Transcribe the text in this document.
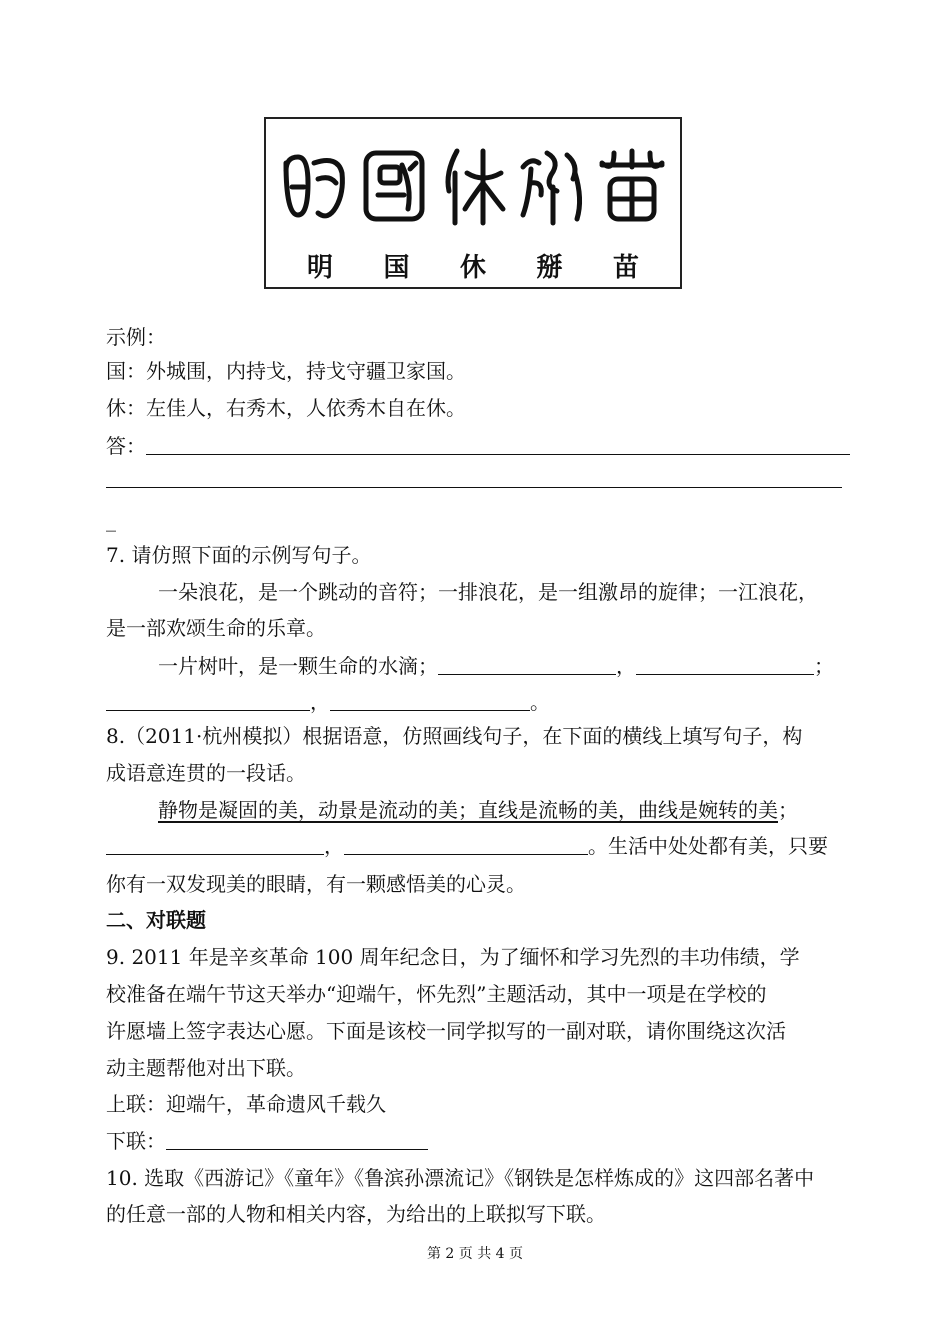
明	国	休	掰	苗
示例：
国：外城围，内持戈，持戈守疆卫家国。
休：左佳人，右秀木，人依秀木自在休。
答：
_
7. 请仿照下面的示例写句子。
一朵浪花，是一个跳动的音符；一排浪花，是一组激昂的旋律；一江浪花，
是一部欢颂生命的乐章。
一片树叶，是一颗生命的水滴；	，	；
，	。
8.（2011·杭州模拟）根据语意，仿照画线句子，在下面的横线上填写句子，构
成语意连贯的一段话。
静物是凝固的美，动景是流动的美；直线是流畅的美，曲线是婉转的美；
，	。生活中处处都有美，只要
你有一双发现美的眼睛，有一颗感悟美的心灵。
二、对联题
9. 2011 年是辛亥革命 100 周年纪念日，为了缅怀和学习先烈的丰功伟绩，学
校准备在端午节这天举办“迎端午，怀先烈”主题活动，其中一项是在学校的
许愿墙上签字表达心愿。下面是该校一同学拟写的一副对联，请你围绕这次活
动主题帮他对出下联。
上联：迎端午，革命遗风千载久
下联：
10. 选取《西游记》《童年》《鲁滨孙漂流记》《钢铁是怎样炼成的》这四部名著中
的任意一部的人物和相关内容，为给出的上联拟写下联。
第 2 页 共 4 页
